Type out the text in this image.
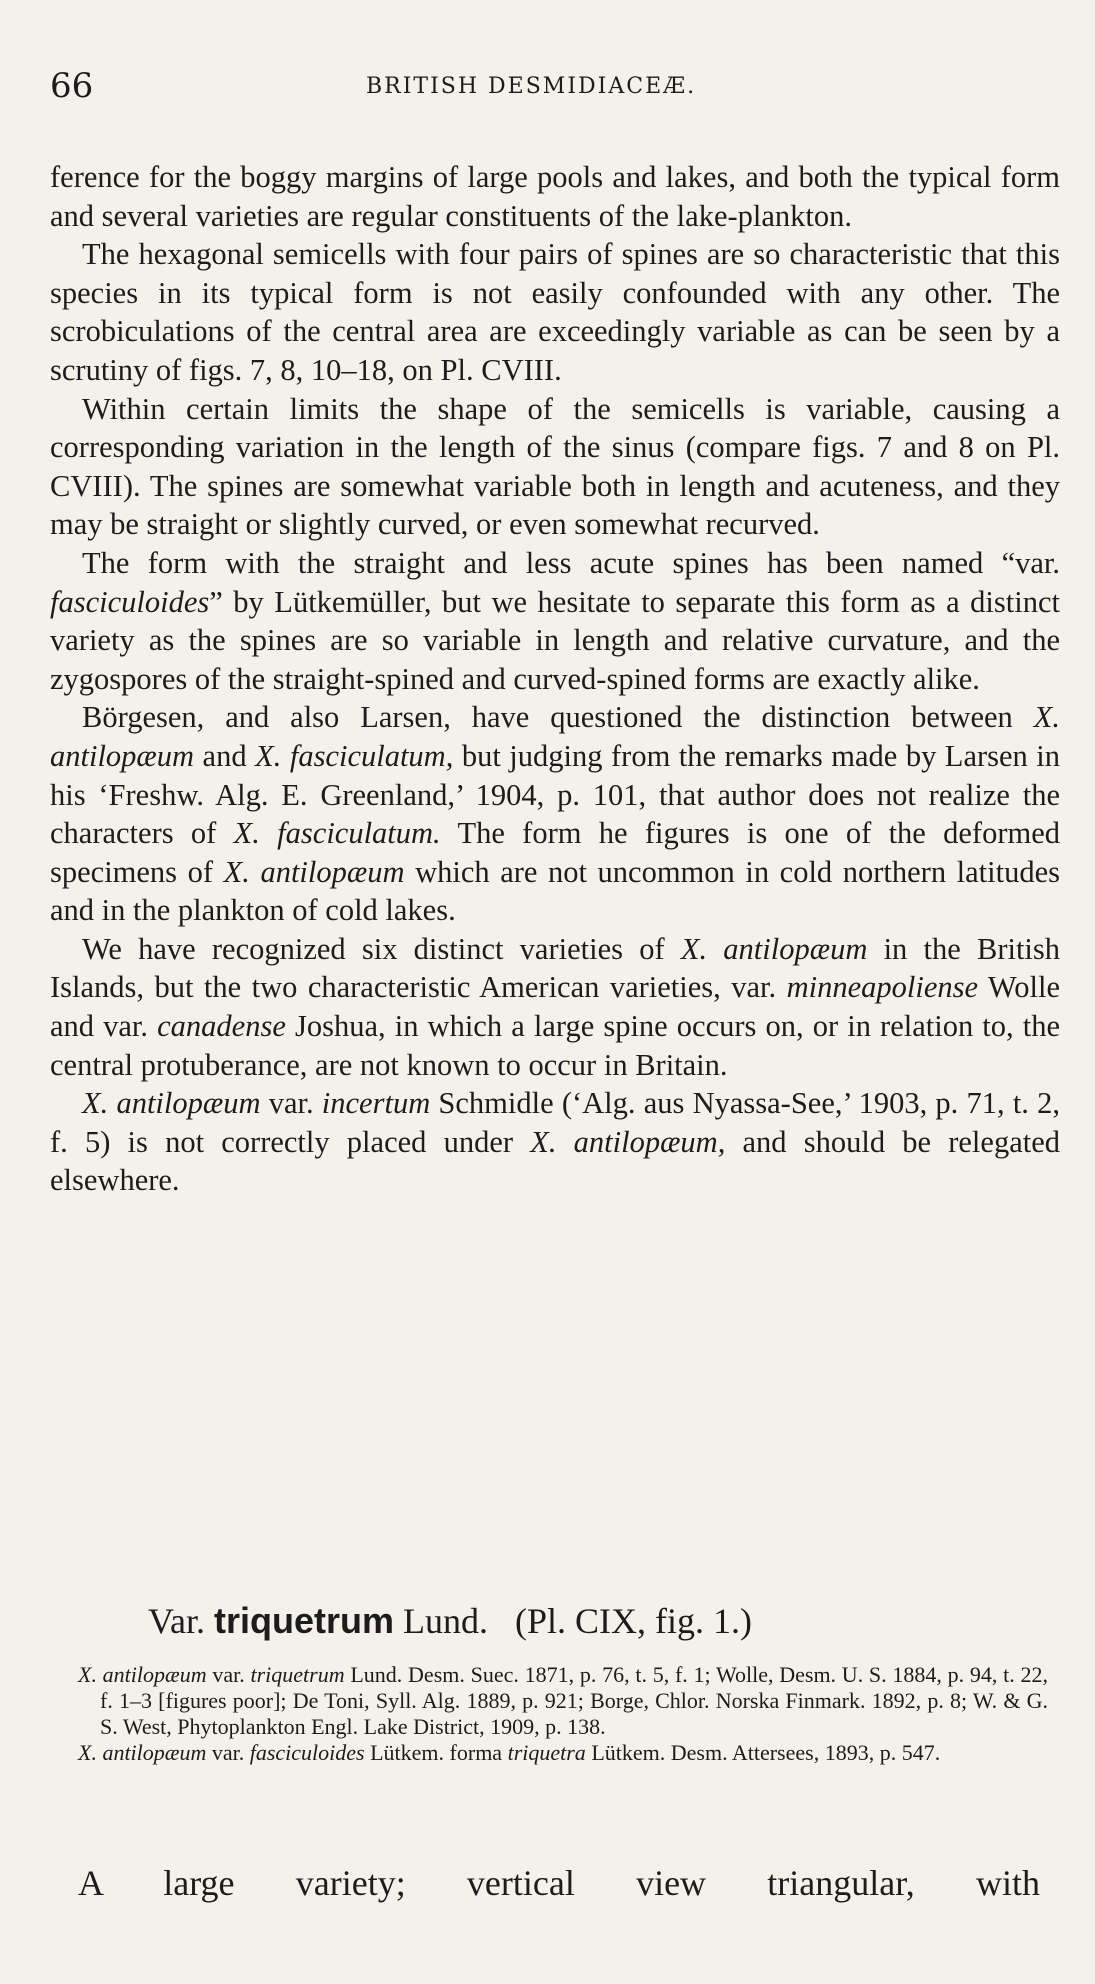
66	BRITISH DESMIDIACEÆ.

ference for the boggy margins of large pools and lakes, and both the typical form and several varieties are regular constituents of the lake-plankton.

The hexagonal semicells with four pairs of spines are so characteristic that this species in its typical form is not easily confounded with any other. The scrobiculations of the central area are exceedingly variable as can be seen by a scrutiny of figs. 7, 8, 10–18, on Pl. CVIII.

Within certain limits the shape of the semicells is variable, causing a corresponding variation in the length of the sinus (compare figs. 7 and 8 on Pl. CVIII). The spines are somewhat variable both in length and acuteness, and they may be straight or slightly curved, or even somewhat recurved.

The form with the straight and less acute spines has been named “var. fasciculoides” by Lütkemüller, but we hesitate to separate this form as a distinct variety as the spines are so variable in length and relative curvature, and the zygospores of the straight-spined and curved-spined forms are exactly alike.

Börgesen, and also Larsen, have questioned the distinction between X. antilopæum and X. fasciculatum, but judging from the remarks made by Larsen in his ‘Freshw. Alg. E. Greenland,’ 1904, p. 101, that author does not realize the characters of X. fasciculatum. The form he figures is one of the deformed specimens of X. antilopæum which are not uncommon in cold northern latitudes and in the plankton of cold lakes.

We have recognized six distinct varieties of X. antilopæum in the British Islands, but the two characteristic American varieties, var. minneapoliense Wolle and var. canadense Joshua, in which a large spine occurs on, or in relation to, the central protuberance, are not known to occur in Britain.

X. antilopæum var. incertum Schmidle (‘Alg. aus Nyassa-See,’ 1903, p. 71, t. 2, f. 5) is not correctly placed under X. antilopæum, and should be relegated elsewhere.

Var. triquetrum Lund. (Pl. CIX, fig. 1.)

X. antilopæum var. triquetrum Lund. Desm. Suec. 1871, p. 76, t. 5, f. 1; Wolle, Desm. U. S. 1884, p. 94, t. 22, f. 1–3 [figures poor]; De Toni, Syll. Alg. 1889, p. 921; Borge, Chlor. Norska Finmark. 1892, p. 8; W. & G. S. West, Phytoplankton Engl. Lake District, 1909, p. 138.

X. antilopæum var. fasciculoides Lütkem. forma triquetra Lütkem. Desm. Attersees, 1893, p. 547.

A large variety; vertical view triangular, with
